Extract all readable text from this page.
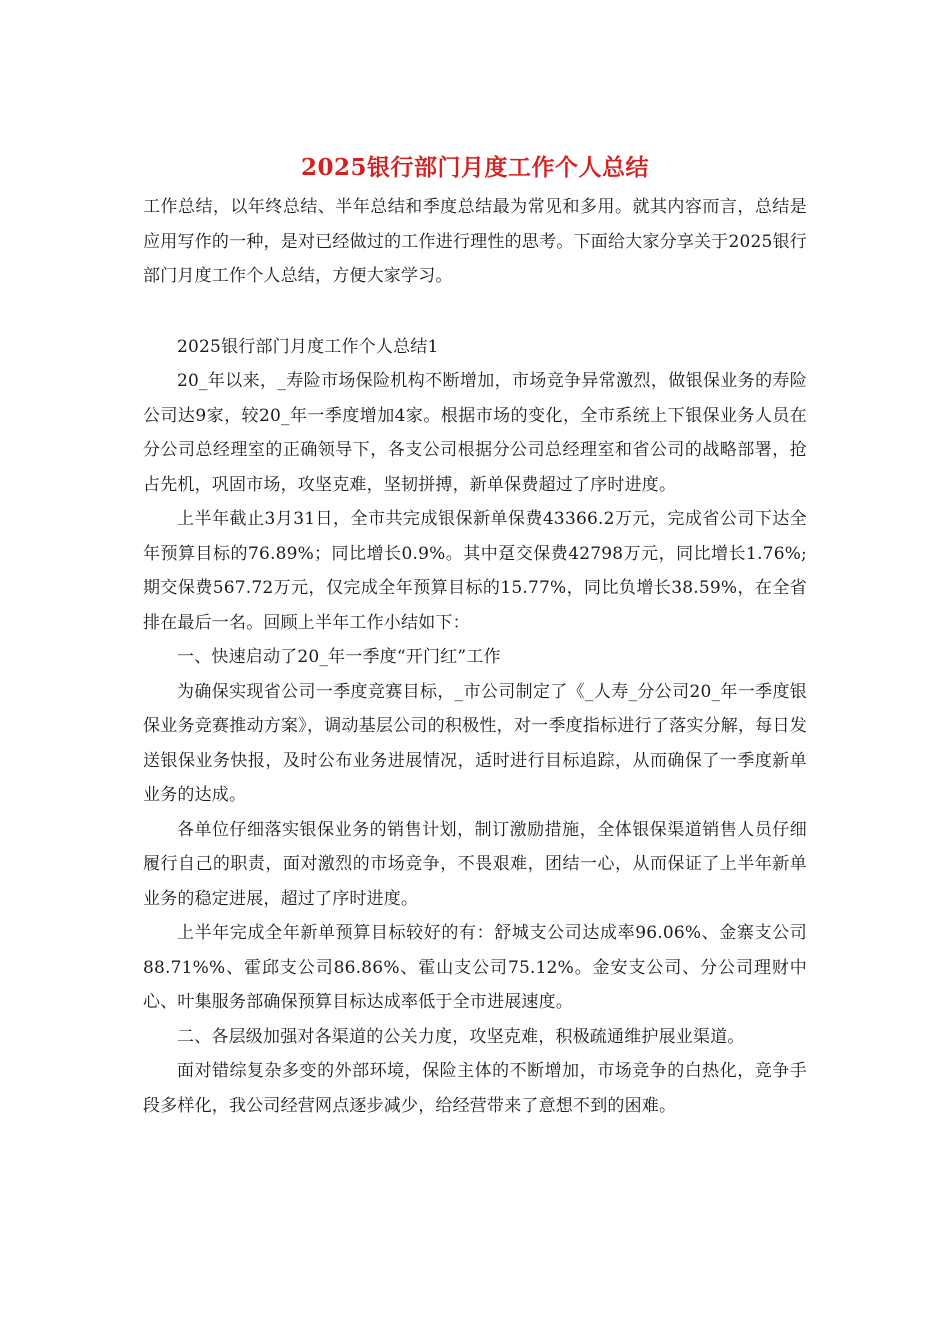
2025银行部门月度工作个人总结

工作总结，以年终总结、半年总结和季度总结最为常见和多用。就其内容而言，总结是应用写作的一种，是对已经做过的工作进行理性的思考。下面给大家分享关于2025银行部门月度工作个人总结，方便大家学习。

2025银行部门月度工作个人总结1

20_年以来，_寿险市场保险机构不断增加，市场竞争异常激烈，做银保业务的寿险公司达9家，较20_年一季度增加4家。根据市场的变化，全市系统上下银保业务人员在分公司总经理室的正确领导下，各支公司根据分公司总经理室和省公司的战略部署，抢占先机，巩固市场，攻坚克难，坚韧拼搏，新单保费超过了序时进度。

上半年截止3月31日，全市共完成银保新单保费43366.2万元，完成省公司下达全年预算目标的76.89%；同比增长0.9%。其中趸交保费42798万元，同比增长1.76%;期交保费567.72万元，仅完成全年预算目标的15.77%，同比负增长38.59%，在全省排在最后一名。回顾上半年工作小结如下：

一、快速启动了20_年一季度“开门红”工作

为确保实现省公司一季度竞赛目标，_市公司制定了《_人寿_分公司20_年一季度银保业务竞赛推动方案》，调动基层公司的积极性，对一季度指标进行了落实分解，每日发送银保业务快报，及时公布业务进展情况，适时进行目标追踪，从而确保了一季度新单业务的达成。

各单位仔细落实银保业务的销售计划，制订激励措施，全体银保渠道销售人员仔细履行自己的职责，面对激烈的市场竞争，不畏艰难，团结一心，从而保证了上半年新单业务的稳定进展，超过了序时进度。

上半年完成全年新单预算目标较好的有：舒城支公司达成率96.06%、金寨支公司88.71%%、霍邱支公司86.86%、霍山支公司75.12%。金安支公司、分公司理财中心、叶集服务部确保预算目标达成率低于全市进展速度。

二、各层级加强对各渠道的公关力度，攻坚克难，积极疏通维护展业渠道。

面对错综复杂多变的外部环境，保险主体的不断增加，市场竞争的白热化，竞争手段多样化，我公司经营网点逐步减少，给经营带来了意想不到的困难。
